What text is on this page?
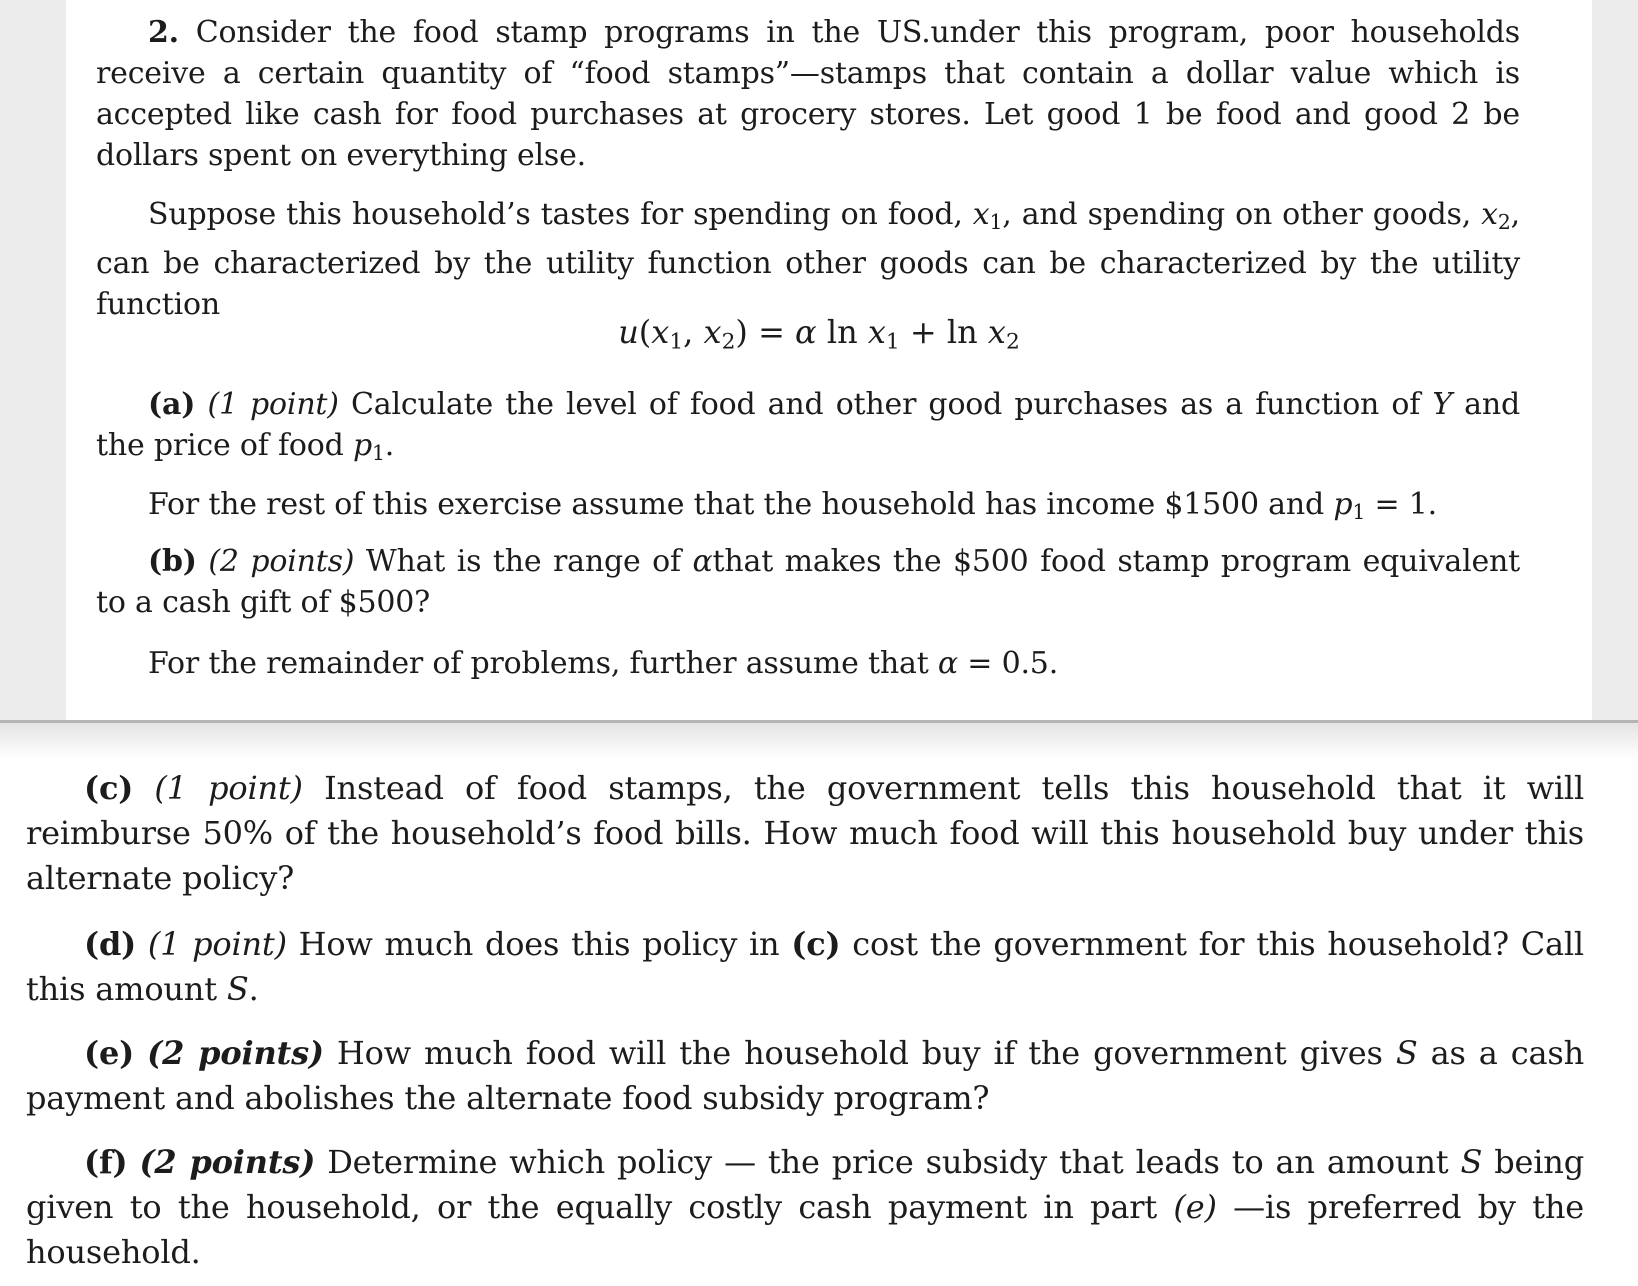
2. Consider the food stamp programs in the US.under this program, poor households receive a certain quantity of “food stamps”—stamps that contain a dollar value which is accepted like cash for food purchases at grocery stores. Let good 1 be food and good 2 be dollars spent on everything else.

Suppose this household’s tastes for spending on food, $x_1$, and spending on other goods, $x_2$, can be characterized by the utility function other goods can be characterized by the utility function

$u(x_1$, $x_2) = \alpha$ $\ln x_1 + \ln x_2$

(a) (1 point) Calculate the level of food and other good purchases as a function of Y and the price of food $p_1$.

For the rest of this exercise assume that the household has income $1500 and $p_1 = 1$.

(b) (2 points) What is the range of αthat makes the $500 food stamp program equivalent to a cash gift of $500?

For the remainder of problems, further assume that α = 0.5.

(c) (1 point) Instead of food stamps, the government tells this household that it will reimburse 50% of the household’s food bills. How much food will this household buy under this alternate policy?

(d) (1 point) How much does this policy in (c) cost the government for this household? Call this amount S.

(e) (2 points) How much food will the household buy if the government gives S as a cash payment and abolishes the alternate food subsidy program?

(f) (2 points) Determine which policy — the price subsidy that leads to an amount S being given to the household, or the equally costly cash payment in part (e) —is preferred by the household.
